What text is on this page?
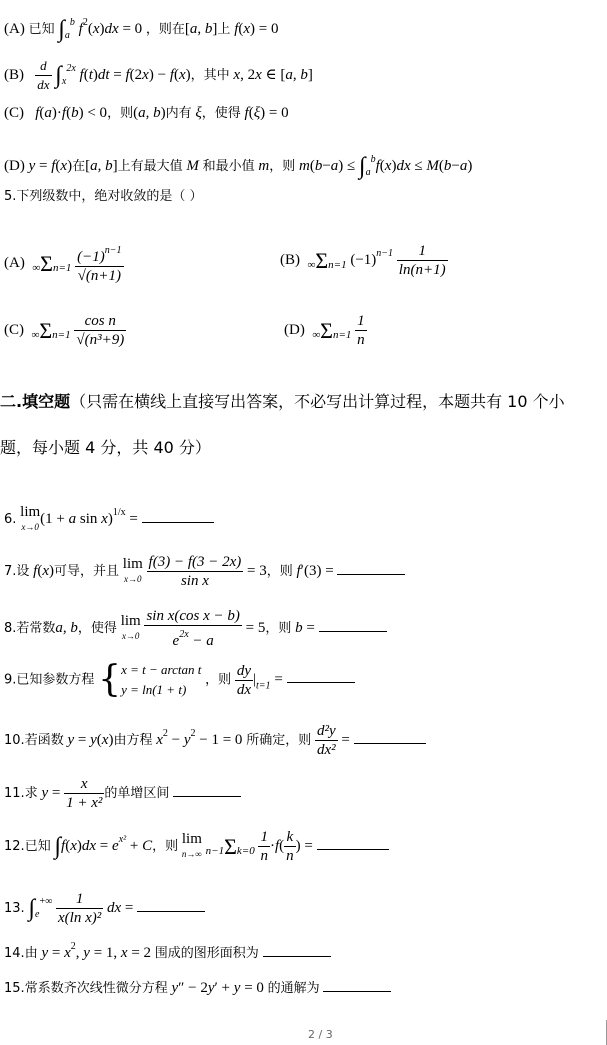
(A) 已知 $\int_a^b$ $f^2(x)dx = 0$ ，则在[a, b]上 f(x) = 0
$(B) \frac{d}{dx} \int_x^{2x}$ f(t)dt = f(2x) − f(x)，其中 x, 2x ∈ [a, b]
(C) f(a)·f(b) < 0，则(a, b)内有 ξ，使得 f(ξ) = 0
(D) y = f(x)在[a, b]上有最大值 M 和最小值 m，则 $m(b-a) \le \int_a^bf(x)dx \le M(b-a)$
5.下列级数中，绝对收敛的是（ ）
(A) $\infty\Sigma n=1 \frac{(-1)^{n-1}}{√(n+1)}$	(B) ∞Σn=1 $(-1)^{n-1} \frac{1}{\ln(n+1)}$
(C) $\infty\Sigma n=1 \frac{\text{cos n}}{\text{√(n³+9)}}$	(D) $\infty\Sigma n=1 \frac{1}{n}$
二.填空题（只需在横线上直接写出答案，不必写出计算过程，本题共有 10 个小
题，每小题 4 分，共 40 分）
6. lim
x→0(1 + a sin x)$^{1/x}$ =
7.设 f(x)可导，并且 lim
$x\to 0 \frac{f(3) - f(3 - 2x)}{\text{sin x}} = 3$，则 f′(3) =
8.若常数a, b，使得 lim
$x\to 0 \frac{\text{sin x(cos x − b)}}{e^{2x} - a} = 5$，则 b =
9.已知参数方程 {x = t − arctan t
y = ln(1 + t) ，则 $\frac{dy}{dx} |_{t=1}$ =
10.若函数 y = y(x)由方程 $x^2 - y^2 - 1 = 0$ 所确定，则 $\frac{\text{d²y}}{\text{dx²}}$ =
11.求 $y = \frac{x}{\text{1 + x²}}$ 的单增区间
12.已知 $\int f(x)dx = e^{x^2} + C$，则 lim
n→∞ $n-1\Sigma k=0 \frac{1}{n} \cdot f( \frac{k}{n}$ ) =
13. $\int_e^{+\infty} \frac{1}{\text{x(ln x)²}}$ dx =
14.由 $y = x^2$, y = 1, x = 2 围成的图形面积为
15.常系数齐次线性微分方程 y″ − 2y′ + y = 0 的通解为
2 / 3
